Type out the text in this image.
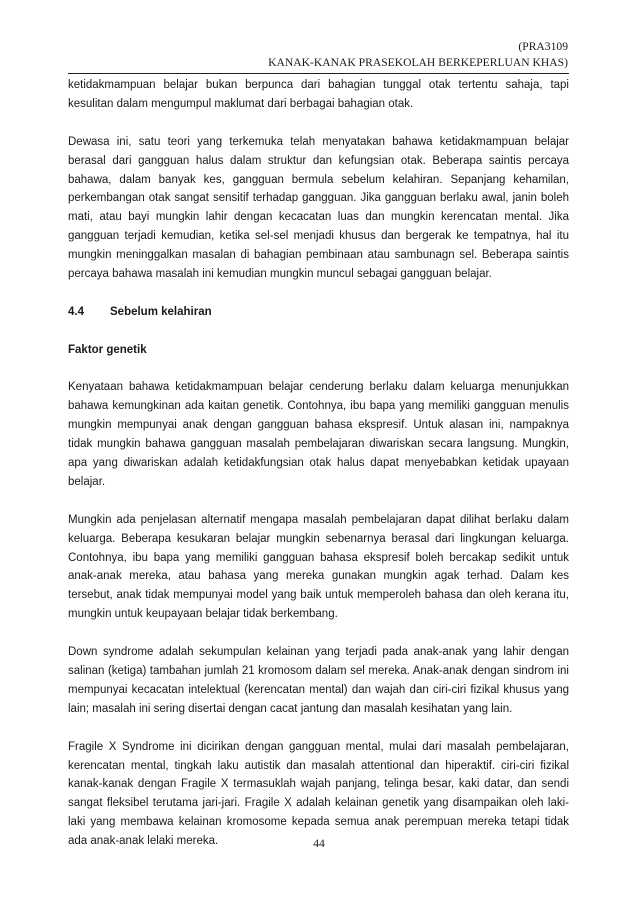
(PRA3109
KANAK-KANAK PRASEKOLAH BERKEPERLUAN KHAS)

ketidakmampuan belajar bukan berpunca dari bahagian tunggal otak tertentu sahaja, tapi kesulitan dalam mengumpul maklumat dari berbagai bahagian otak.

Dewasa ini, satu teori yang terkemuka telah menyatakan bahawa ketidakmampuan belajar berasal dari gangguan halus dalam struktur dan kefungsian otak. Beberapa saintis percaya bahawa, dalam banyak kes, gangguan bermula sebelum kelahiran. Sepanjang kehamilan, perkembangan otak sangat sensitif terhadap gangguan. Jika gangguan berlaku awal, janin boleh mati, atau bayi mungkin lahir dengan kecacatan luas dan mungkin kerencatan mental. Jika gangguan terjadi kemudian, ketika sel-sel menjadi khusus dan bergerak ke tempatnya, hal itu mungkin meninggalkan masalan di bahagian pembinaan atau sambunagn sel. Beberapa saintis percaya bahawa masalah ini kemudian mungkin muncul sebagai gangguan belajar.

4.4	Sebelum kelahiran
Faktor genetik

Kenyataan bahawa ketidakmampuan belajar cenderung berlaku dalam keluarga menunjukkan bahawa kemungkinan ada kaitan genetik. Contohnya, ibu bapa yang memiliki gangguan menulis mungkin mempunyai anak dengan gangguan bahasa ekspresif. Untuk alasan ini, nampaknya tidak mungkin bahawa gangguan masalah pembelajaran diwariskan secara langsung. Mungkin, apa yang diwariskan adalah ketidakfungsian otak halus dapat menyebabkan ketidak upayaan belajar.

Mungkin ada penjelasan alternatif mengapa masalah pembelajaran dapat dilihat berlaku dalam keluarga. Beberapa kesukaran belajar mungkin sebenarnya berasal dari lingkungan keluarga. Contohnya, ibu bapa yang memiliki gangguan bahasa ekspresif boleh bercakap sedikit untuk anak-anak mereka, atau bahasa yang mereka gunakan mungkin agak terhad. Dalam kes tersebut, anak tidak mempunyai model yang baik untuk memperoleh bahasa dan oleh kerana itu, mungkin untuk keupayaan belajar tidak berkembang.

Down syndrome adalah sekumpulan kelainan yang terjadi pada anak-anak yang lahir dengan salinan (ketiga) tambahan jumlah 21 kromosom dalam sel mereka. Anak-anak dengan sindrom ini mempunyai kecacatan intelektual (kerencatan mental) dan wajah dan ciri-ciri fizikal khusus yang lain; masalah ini sering disertai dengan cacat jantung dan masalah kesihatan yang lain.

Fragile X Syndrome ini dicirikan dengan gangguan mental, mulai dari masalah pembelajaran, kerencatan mental, tingkah laku autistik dan masalah attentional dan hiperaktif. ciri-ciri fizikal kanak-kanak dengan Fragile X termasuklah wajah panjang, telinga besar, kaki datar, dan sendi sangat fleksibel terutama jari-jari. Fragile X adalah kelainan genetik yang disampaikan oleh laki-laki yang membawa kelainan kromosome kepada semua anak perempuan mereka tetapi tidak ada anak-anak lelaki mereka.	44
